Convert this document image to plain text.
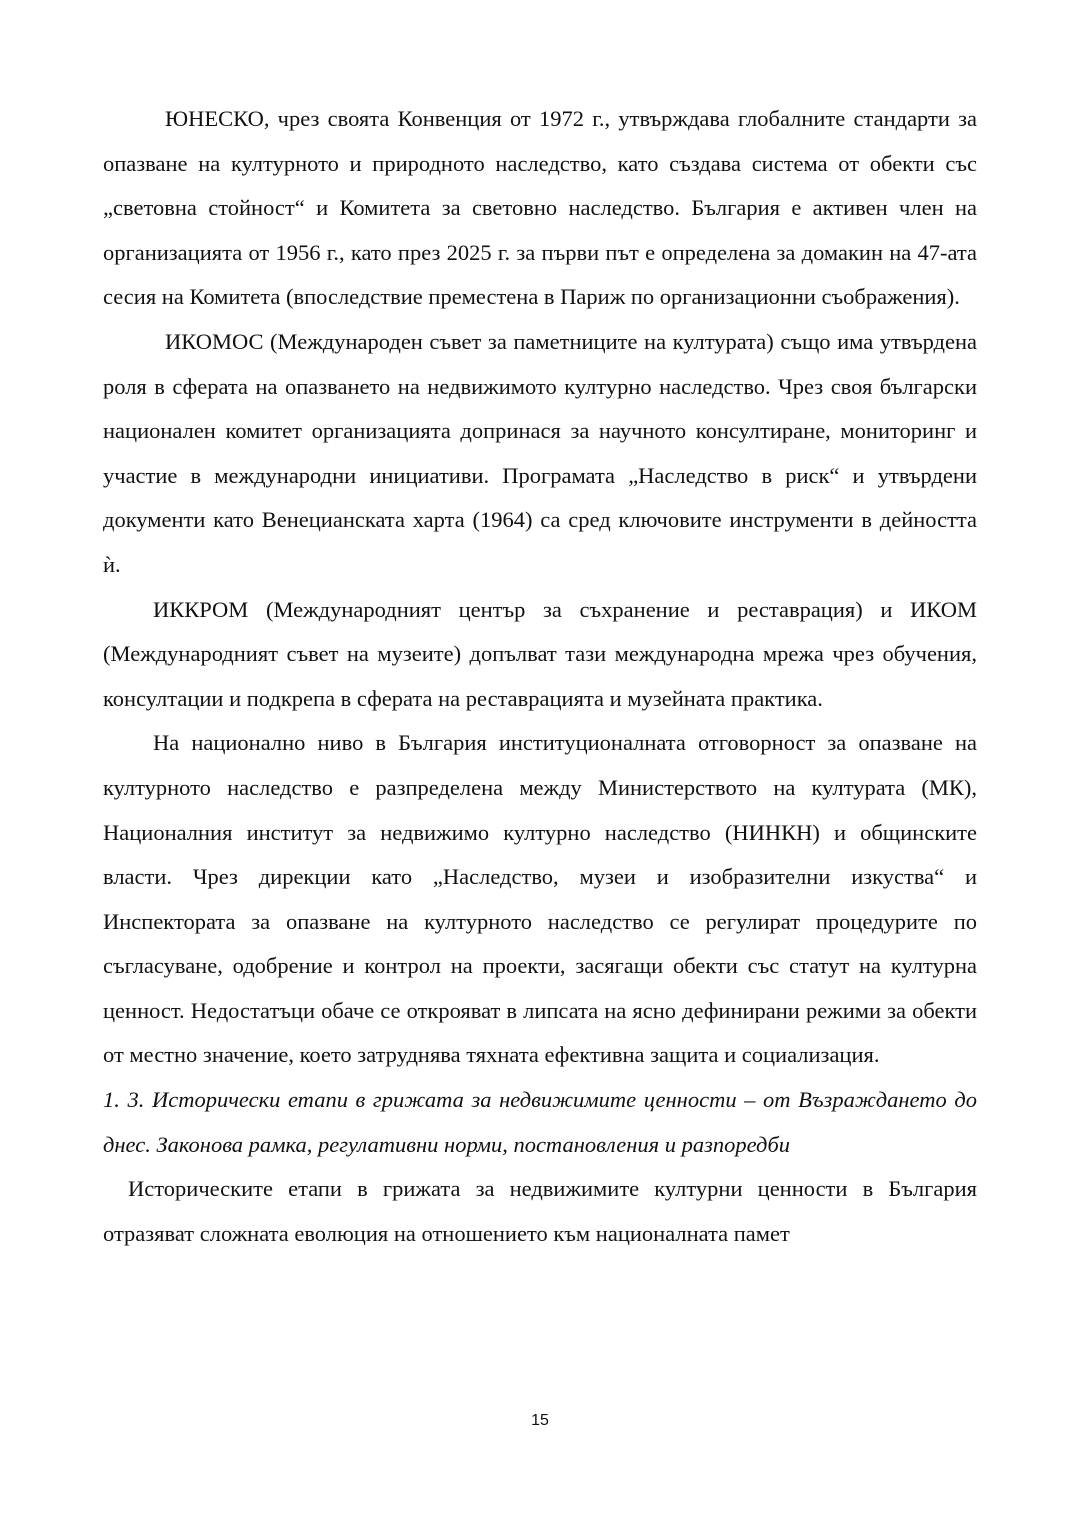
ЮНЕСКО, чрез своята Конвенция от 1972 г., утвърждава глобалните стандарти за опазване на културното и природното наследство, като създава система от обекти със „световна стойност“ и Комитета за световно наследство. България е активен член на организацията от 1956 г., като през 2025 г. за първи път е определена за домакин на 47-ата сесия на Комитета (впоследствие преместена в Париж по организационни съображения).

ИКОМОС (Международен съвет за паметниците на културата) също има утвърдена роля в сферата на опазването на недвижимото културно наследство. Чрез своя български национален комитет организацията допринася за научното консултиране, мониторинг и участие в международни инициативи. Програмата „Наследство в риск“ и утвърдени документи като Венецианската харта (1964) са сред ключовите инструменти в дейността ѝ.

ИККРОМ (Международният център за съхранение и реставрация) и ИКОМ (Международният съвет на музеите) допълват тази международна мрежа чрез обучения, консултации и подкрепа в сферата на реставрацията и музейната практика.

На национално ниво в България институционалната отговорност за опазване на културното наследство е разпределена между Министерството на културата (МК), Националния институт за недвижимо културно наследство (НИНКН) и общинските власти. Чрез дирекции като „Наследство, музеи и изобразителни изкуства“ и Инспектората за опазване на културното наследство се регулират процедурите по съгласуване, одобрение и контрол на проекти, засягащи обекти със статут на културна ценност. Недостатъци обаче се открояват в липсата на ясно дефинирани режими за обекти от местно значение, което затруднява тяхната ефективна защита и социализация.

1. 3. Исторически етапи в грижата за недвижимите ценности – от Възраждането до днес. Законова рамка, регулативни норми, постановления и разпоредби

Историческите етапи в грижата за недвижимите културни ценности в България отразяват сложната еволюция на отношението към националната памет

15
